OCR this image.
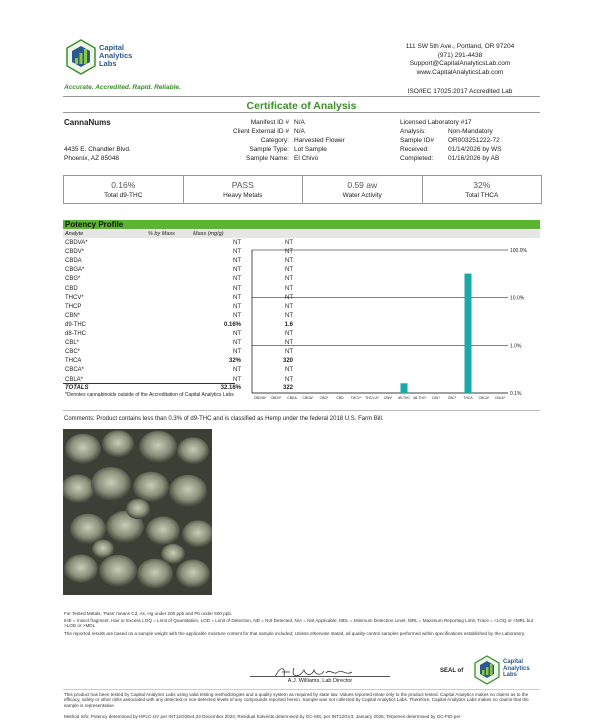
Capital
Analytics
Labs
Accurate. Accredited. Rapid. Reliable.
111 SW 5th Ave., Portland, OR 97204
(971) 291-4438
Support@CapitalAnalyticsLab.com
www.CapitalAnalyticsLab.com
ISO/IEC 17025:2017 Accredited Lab
Certificate of Analysis
CannaNums
4435 E. Chandler Blvd.
Phoenix, AZ 85048
Manifest ID # N/A
Client External ID # N/A
Category: Harvested Flower
Sample Type: Lot Sample
Sample Name: El Chivo
Licensed Laboratory #17
Analysis:	Non-Mandatory
Sample ID# OR003251222-72
Received:	01/14/2026 by WS
Completed: 01/16/2026 by AB
0.16%
Total d9-THC
PASS
Heavy Metals
0.59 aw
Water Activity
32%
Total THCA
Potency Profile
Analyte	% by Mass	Mass (mg/g)
CBDVA*	NT	NT
CBDV*	NT	NT
CBDA	NT	NT
CBGA*	NT	NT
CBG*	NT	NT
CBD	NT	NT
THCV*	NT	NT
THCP	NT	NT
CBN*	NT	NT
d9-THC	0.16%	1.6
d8-THC	NT	NT
CBL*	NT	NT
CBC*	NT	NT
THCA	32%	320
CBCA*	NT	NT
CBLA*	NT	NT
TOTALS	32.16%	322
*Denotes cannabinoids outside of the Accreditation of Capital Analytics Labs
100.0%
10.0%
1.0%
0.1%
CBDVA* CBDV* CBDA CBGA* CBG* CBD THCV* THCV-A* CBN* d9-THC d8-THC* CBL* CBC* THCA CBCA* CBLA*
Comments: Product contains less than 0.3% of d9-THC and is classified as Hemp under the federal 2018 U.S. Farm Bill.
For Tested Metals, 'Pass' means Cd, As, Hg under 200 ppb and Pb under 500 ppb.
IHE = Insect fragment, Hair or Excess LOQ = Limit of Quantitation, LOD = Limit of Detection, ND = Not Detected, N/A = Not Applicable, MDL = Minimum Detection Level, MRL = Maximum Reporting Limit, Trace = <LOQ or <MRL but >LOD or >MDL
The reported results are based on a sample weight with the applicable moisture content for that sample included; Unless otherwise stated, all quality control samples performed within specifications established by the Laboratory.
A.J. Williams, Lab Director
SEAL of
Capital
Analytics
Labs
This product has been tested by Capital Analytics Labs using valid testing methodologies and a quality system as required by state law. Values reported relate only to the product tested. Capital Analytics makes no claims as to the efficacy, safety or other risks associated with any detected or non-detected levels of any compounds reported herein. Sample was not collected by Capital Analytics Labs. Therefore, Capital Analytics Labs makes no claims that the sample is representative.
Method Info: Potency determined by HPLC-UV per INT12G06v4.23 December 2024; Residual Solvents determined by GC-MS, per INT12GV3, January 2025; Terpenes determined by GC-FID per
